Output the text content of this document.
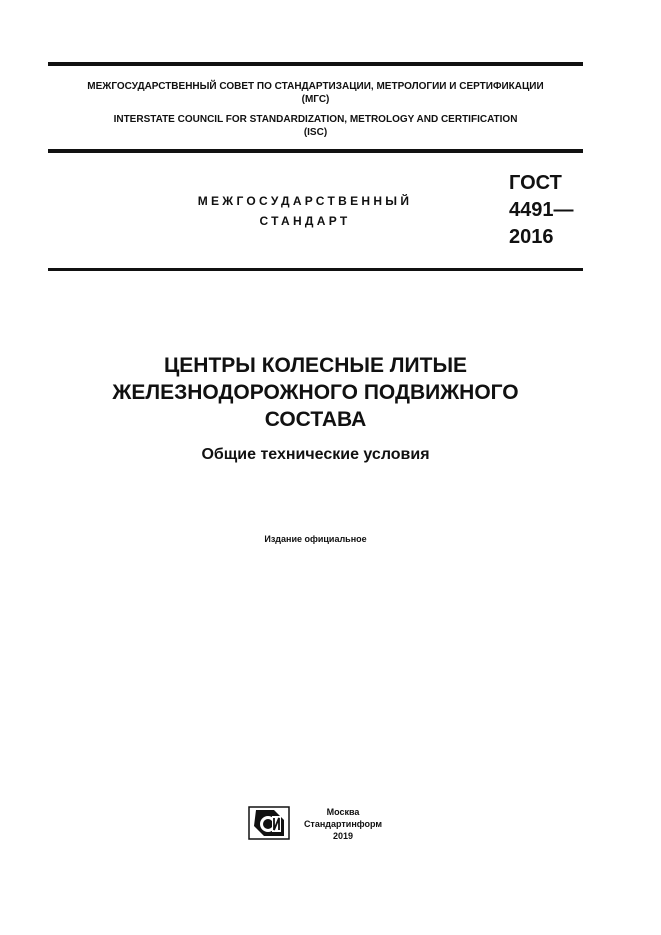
МЕЖГОСУДАРСТВЕННЫЙ СОВЕТ ПО СТАНДАРТИЗАЦИИ, МЕТРОЛОГИИ И СЕРТИФИКАЦИИ
(МГС)
INTERSTATE COUNCIL FOR STANDARDIZATION, METROLOGY AND CERTIFICATION
(ISC)
МЕЖГОСУДАРСТВЕННЫЙ
СТАНДАРТ
ГОСТ
4491—
2016
ЦЕНТРЫ КОЛЕСНЫЕ ЛИТЫЕ
ЖЕЛЕЗНОДОРОЖНОГО ПОДВИЖНОГО
СОСТАВА
Общие технические условия
Издание официальное
Москва
Стандартинформ
2019
